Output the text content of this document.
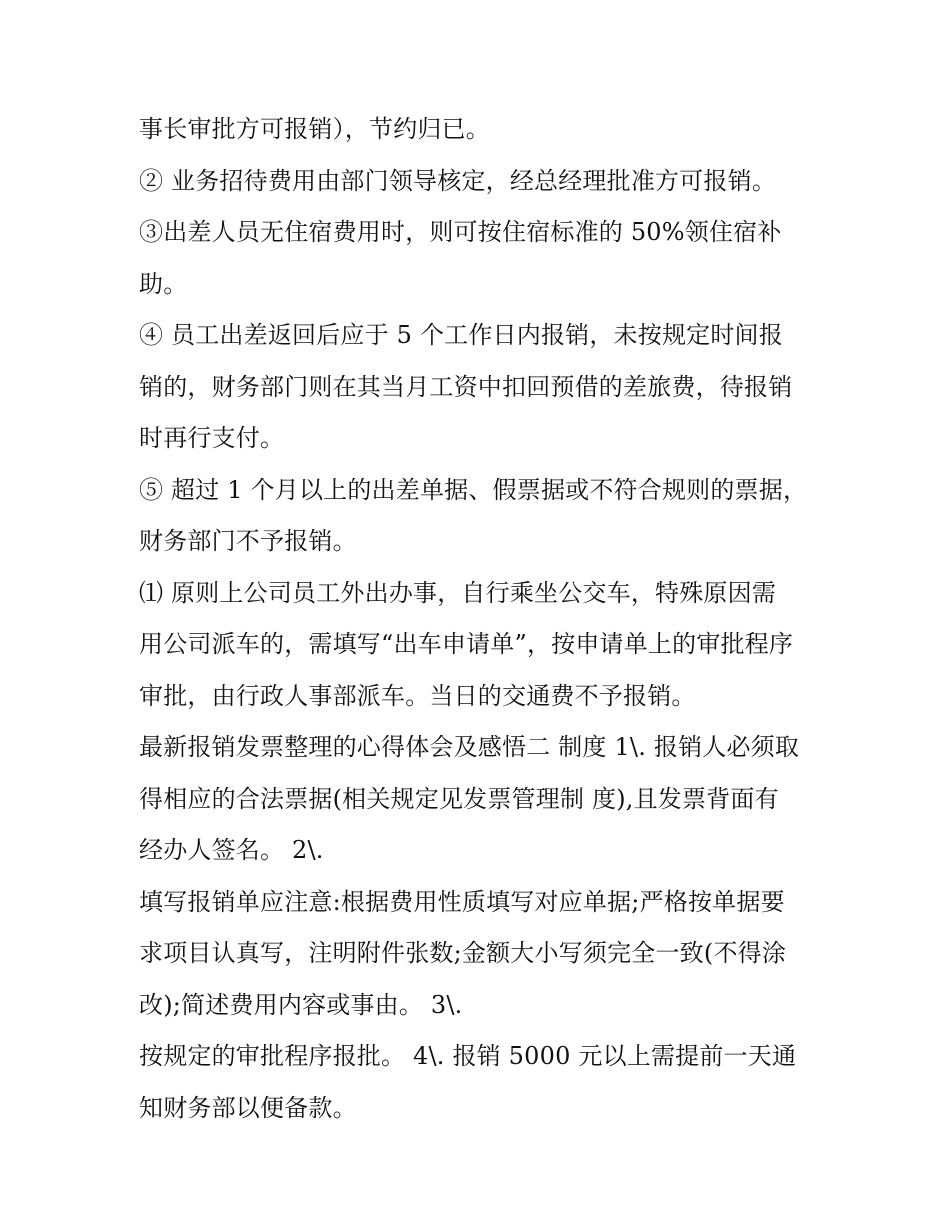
事长审批方可报销），节约归已。
② 业务招待费用由部门领导核定，经总经理批准方可报销。
③出差人员无住宿费用时，则可按住宿标准的 50%领住宿补
助。
④ 员工出差返回后应于 5 个工作日内报销，未按规定时间报
销的，财务部门则在其当月工资中扣回预借的差旅费，待报销
时再行支付。
⑤ 超过 1 个月以上的出差单据、假票据或不符合规则的票据，
财务部门不予报销。
⑴ 原则上公司员工外出办事，自行乘坐公交车，特殊原因需
用公司派车的，需填写“出车申请单”，按申请单上的审批程序
审批，由行政人事部派车。当日的交通费不予报销。
最新报销发票整理的心得体会及感悟二 制度 1\. 报销人必须取
得相应的合法票据(相关规定见发票管理制 度),且发票背面有
经办人签名。 2\.
填写报销单应注意:根据费用性质填写对应单据;严格按单据要
求项目认真写，注明附件张数;金额大小写须完全一致(不得涂
改);简述费用内容或事由。 3\.
按规定的审批程序报批。 4\. 报销 5000 元以上需提前一天通
知财务部以便备款。
